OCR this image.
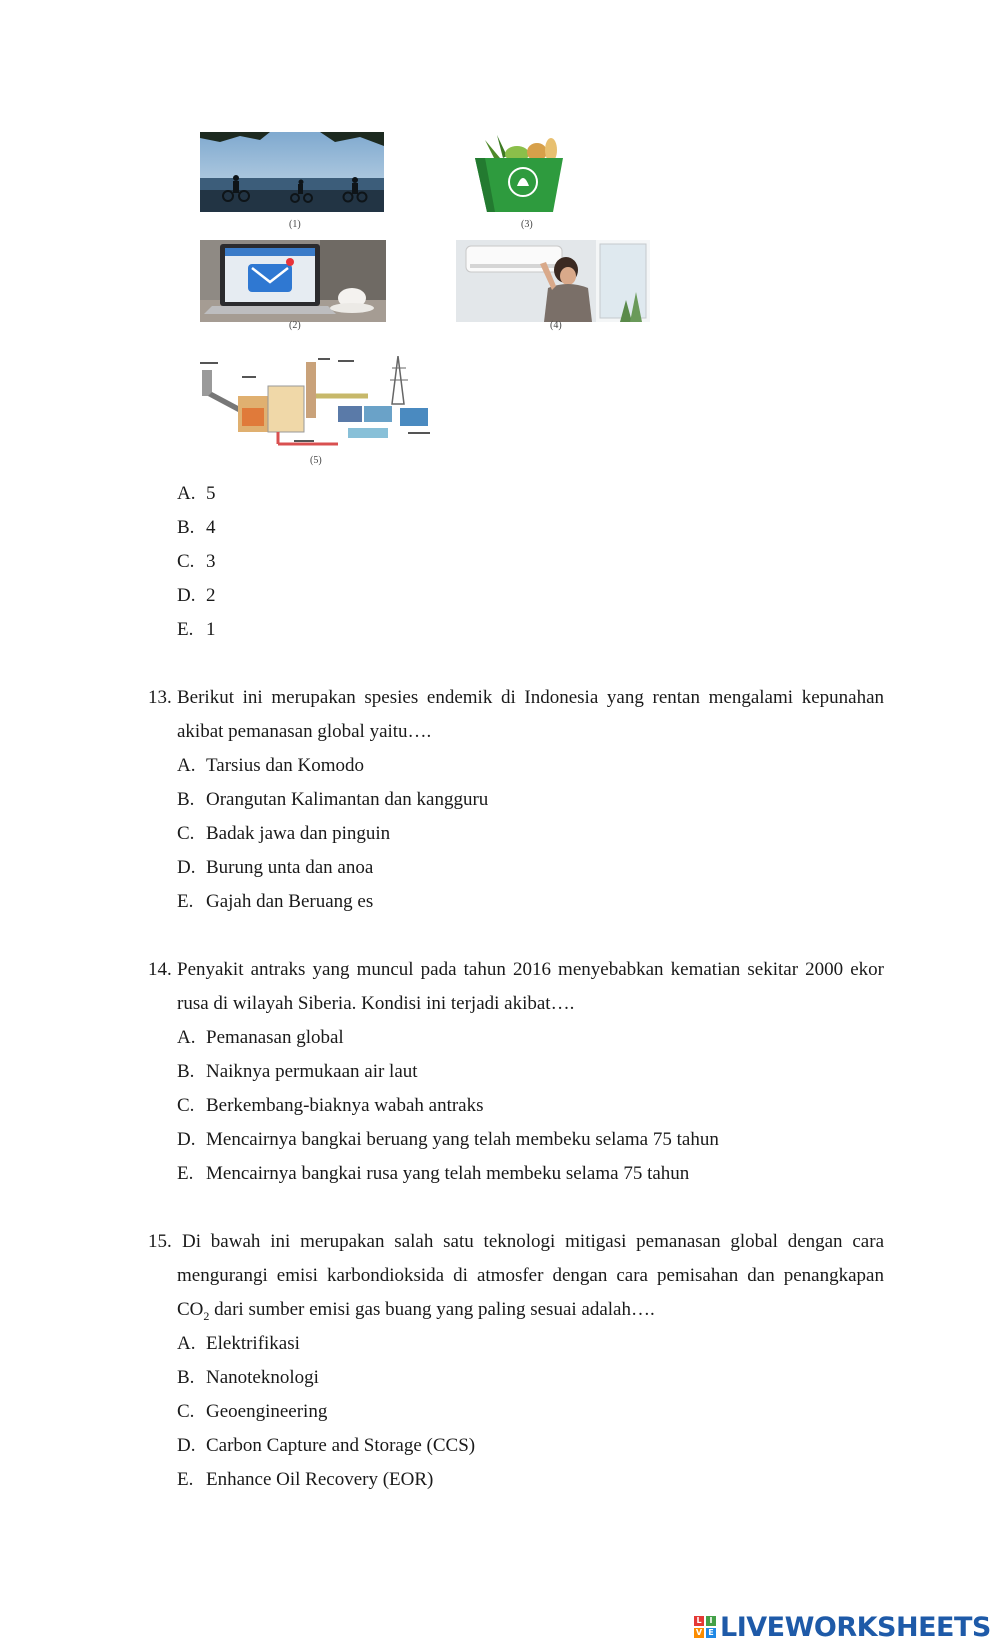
(1)	(3)
(2)	(4)
(5)
A. 5
B. 4
C. 3
D. 2
E. 1
13. Berikut ini merupakan spesies endemik di Indonesia yang rentan mengalami kepunahan
akibat pemanasan global yaitu….
A. Tarsius dan Komodo
B. Orangutan Kalimantan dan kangguru
C. Badak jawa dan pinguin
D. Burung unta dan anoa
E. Gajah dan Beruang es
14. Penyakit antraks yang muncul pada tahun 2016 menyebabkan kematian sekitar 2000 ekor
rusa di wilayah Siberia. Kondisi ini terjadi akibat….
A. Pemanasan global
B. Naiknya permukaan air laut
C. Berkembang-biaknya wabah antraks
D. Mencairnya bangkai beruang yang telah membeku selama 75 tahun
E. Mencairnya bangkai rusa yang telah membeku selama 75 tahun
15. Di bawah ini merupakan salah satu teknologi mitigasi pemanasan global dengan cara
mengurangi emisi karbondioksida di atmosfer dengan cara pemisahan dan penangkapan
$CO_2$ dari sumber emisi gas buang yang paling sesuai adalah….
A. Elektrifikasi
B. Nanoteknologi
C. Geoengineering
D. Carbon Capture and Storage (CCS)
E. Enhance Oil Recovery (EOR)
L I
V E LIVEWORKSHEETS
